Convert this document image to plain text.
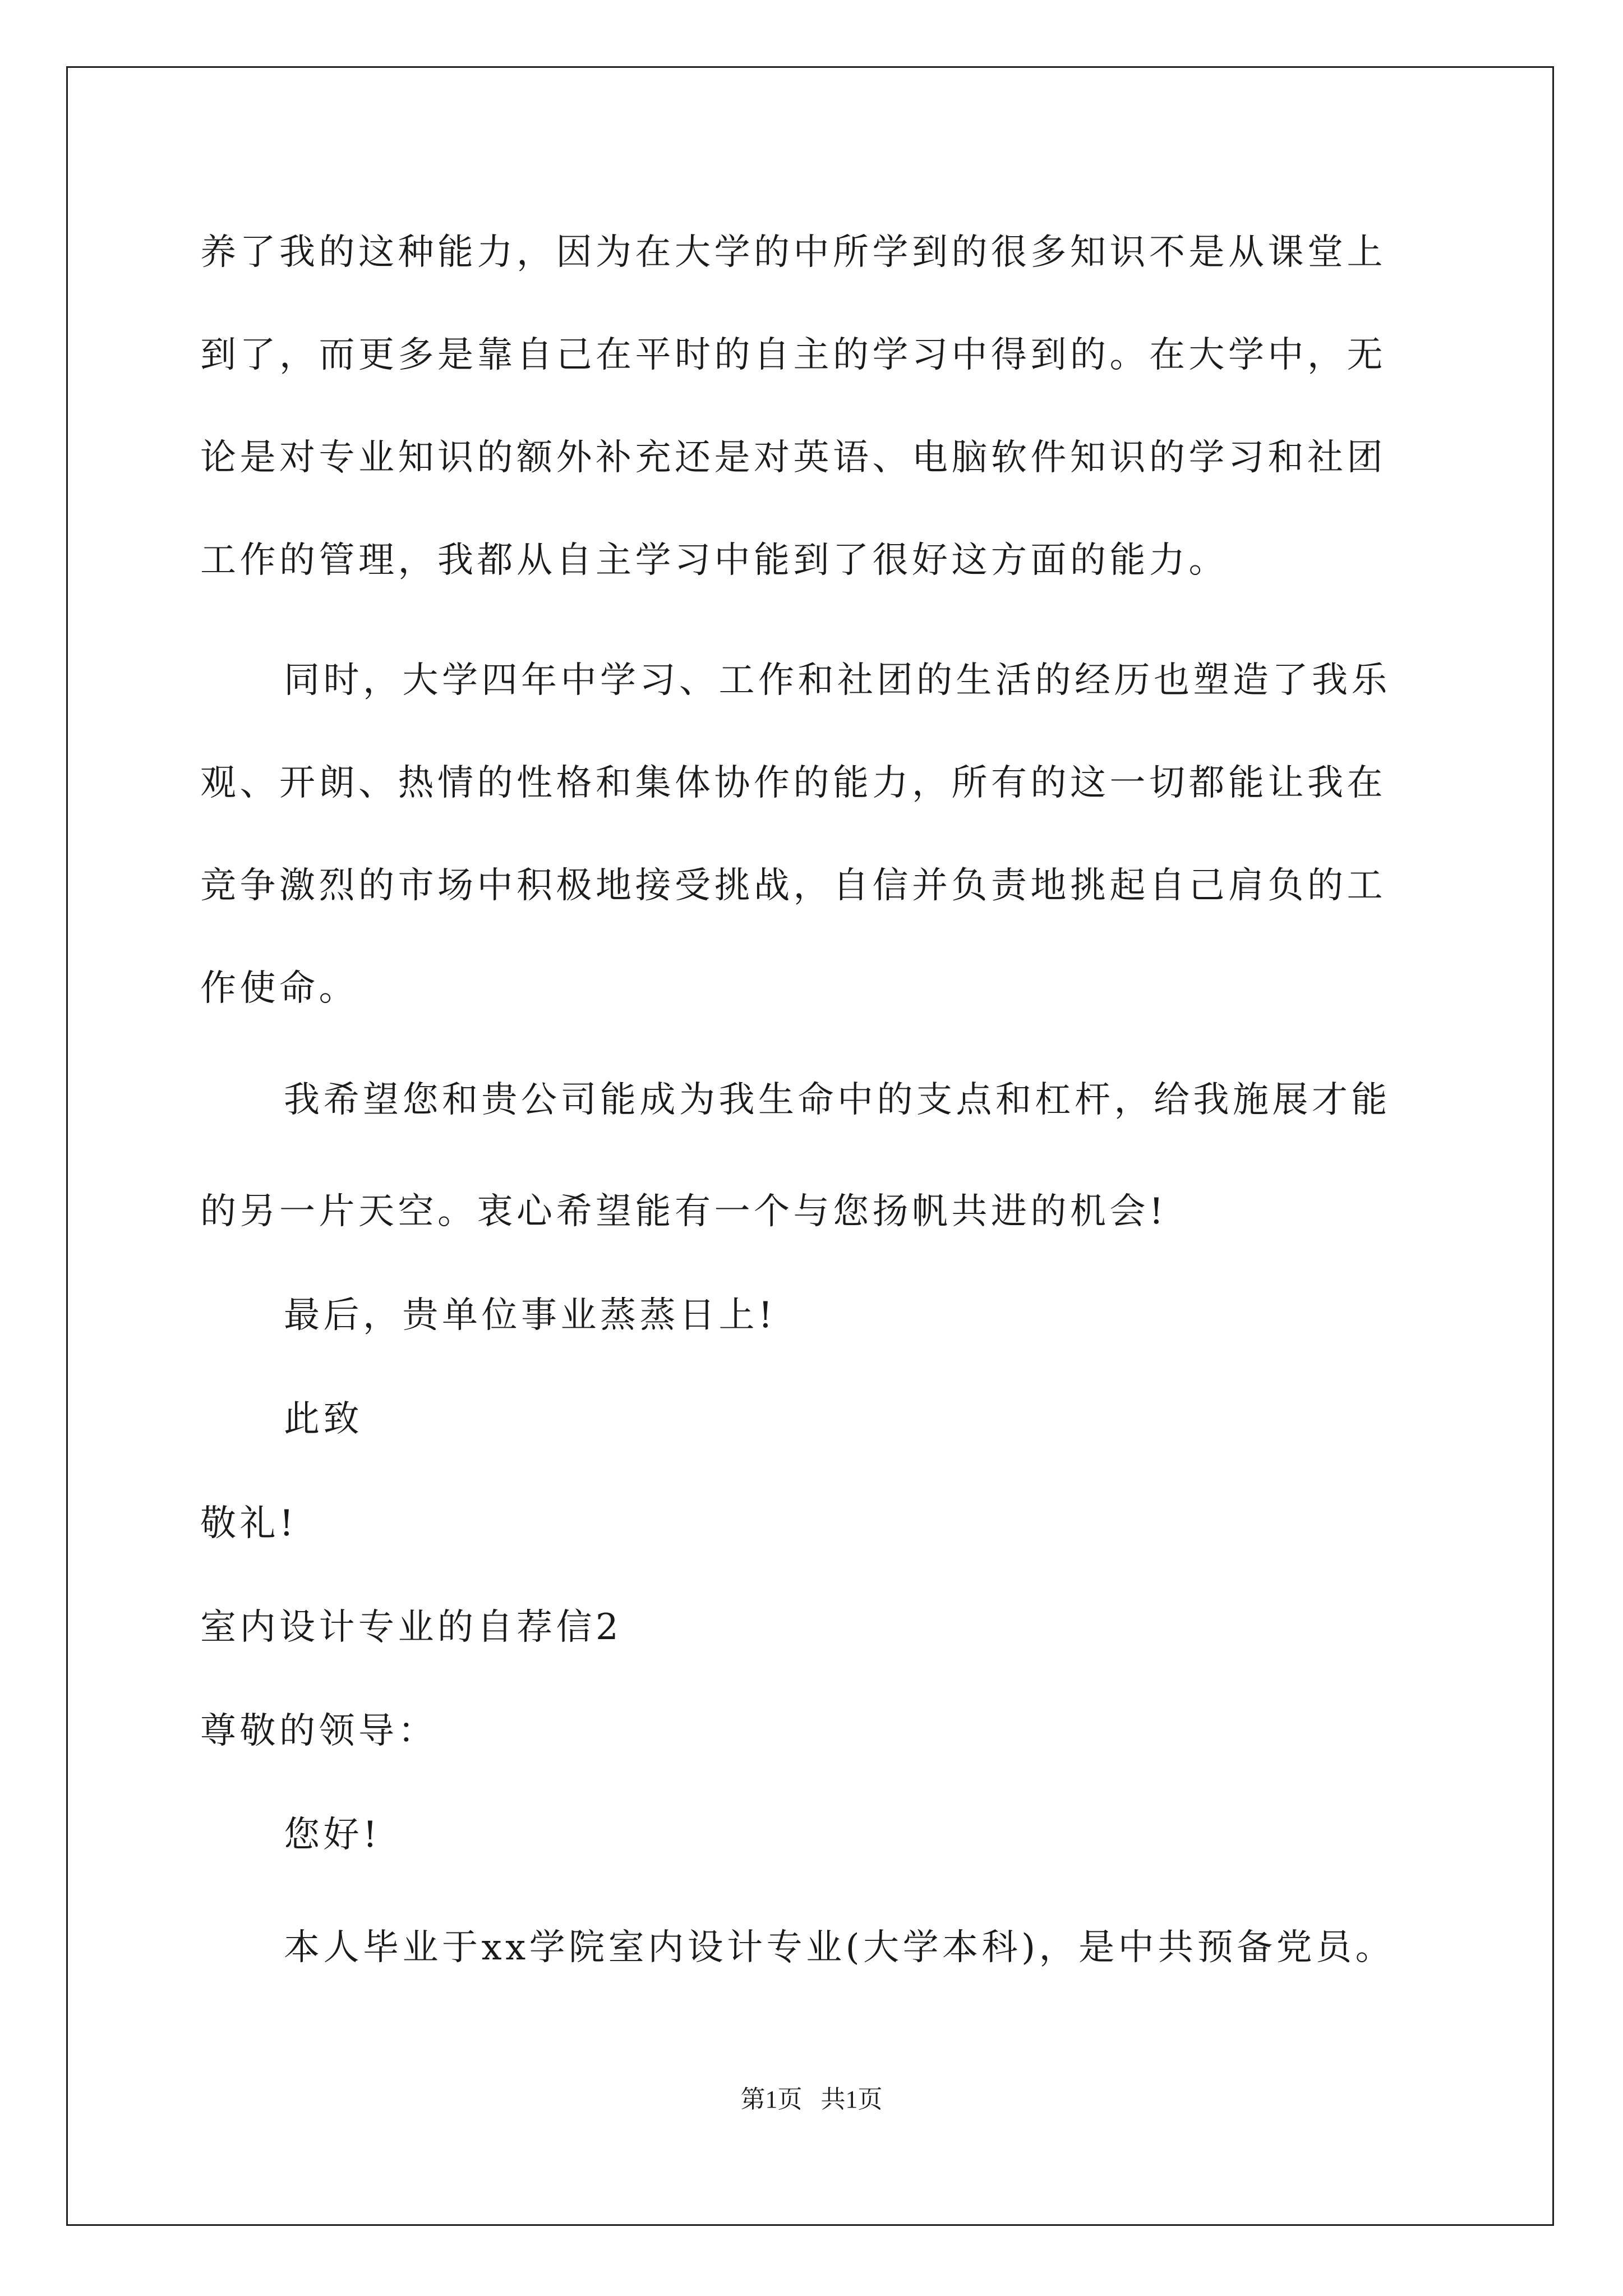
养了我的这种能力，因为在大学的中所学到的很多知识不是从课堂上
到了，而更多是靠自己在平时的自主的学习中得到的。在大学中，无
论是对专业知识的额外补充还是对英语、电脑软件知识的学习和社团
工作的管理，我都从自主学习中能到了很好这方面的能力。
同时，大学四年中学习、工作和社团的生活的经历也塑造了我乐
观、开朗、热情的性格和集体协作的能力，所有的这一切都能让我在
竞争激烈的市场中积极地接受挑战，自信并负责地挑起自己肩负的工
作使命。
我希望您和贵公司能成为我生命中的支点和杠杆，给我施展才能
的另一片天空。衷心希望能有一个与您扬帆共进的机会!
最后，贵单位事业蒸蒸日上!
此致
敬礼!
室内设计专业的自荐信2
尊敬的领导：
您好!
本人毕业于xx学院室内设计专业(大学本科)，是中共预备党员。
第1页   共1页
